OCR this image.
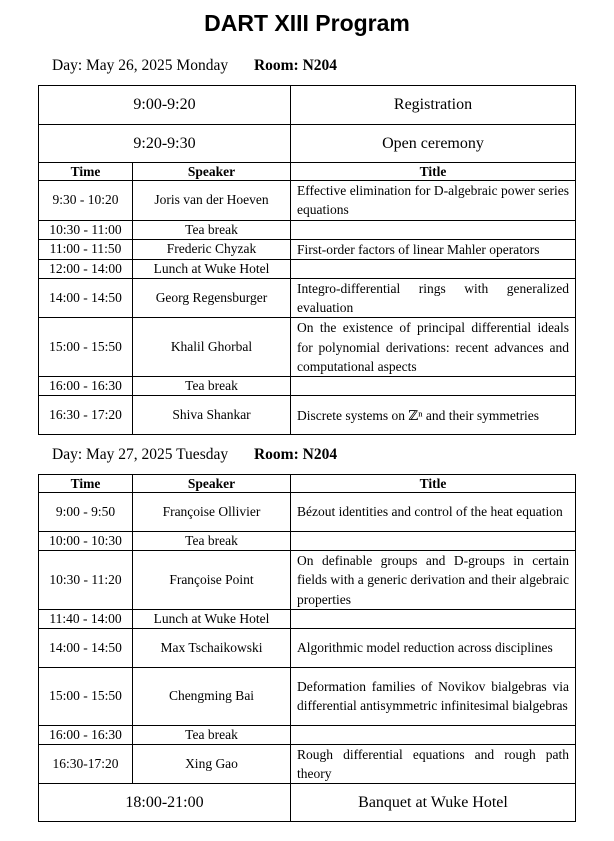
DART XIII Program
Day: May 26, 2025 Monday Room: N204
9:00-9:20		Registration
9:20-9:30		Open ceremony
Time	Speaker	Title
9:30 - 10:20	Joris van der Hoeven	Effective elimination for D-algebraic power series equations
10:30 - 11:00	Tea break	
11:00 - 11:50	Frederic Chyzak	First-order factors of linear Mahler operators
12:00 - 14:00	Lunch at Wuke Hotel	
14:00 - 14:50	Georg Regensburger	Integro-differential rings with generalized evaluation
15:00 - 15:50	Khalil Ghorbal	On the existence of principal differential ideals for polynomial derivations: recent advances and computational aspects
16:00 - 16:30	Tea break	
16:30 - 17:20	Shiva Shankar	Discrete systems on ℤⁿ and their symmetries
Day: May 27, 2025 Tuesday Room: N204
Time	Speaker	Title
9:00 - 9:50	Françoise Ollivier	Bézout identities and control of the heat equation
10:00 - 10:30	Tea break	
10:30 - 11:20	Françoise Point	On definable groups and D-groups in certain fields with a generic derivation and their algebraic properties
11:40 - 14:00	Lunch at Wuke Hotel	
14:00 - 14:50	Max Tschaikowski	Algorithmic model reduction across disciplines
15:00 - 15:50	Chengming Bai	Deformation families of Novikov bialgebras via differential antisymmetric infinitesimal bialgebras
16:00 - 16:30	Tea break	
16:30-17:20	Xing Gao	Rough differential equations and rough path theory
18:00-21:00		Banquet at Wuke Hotel
